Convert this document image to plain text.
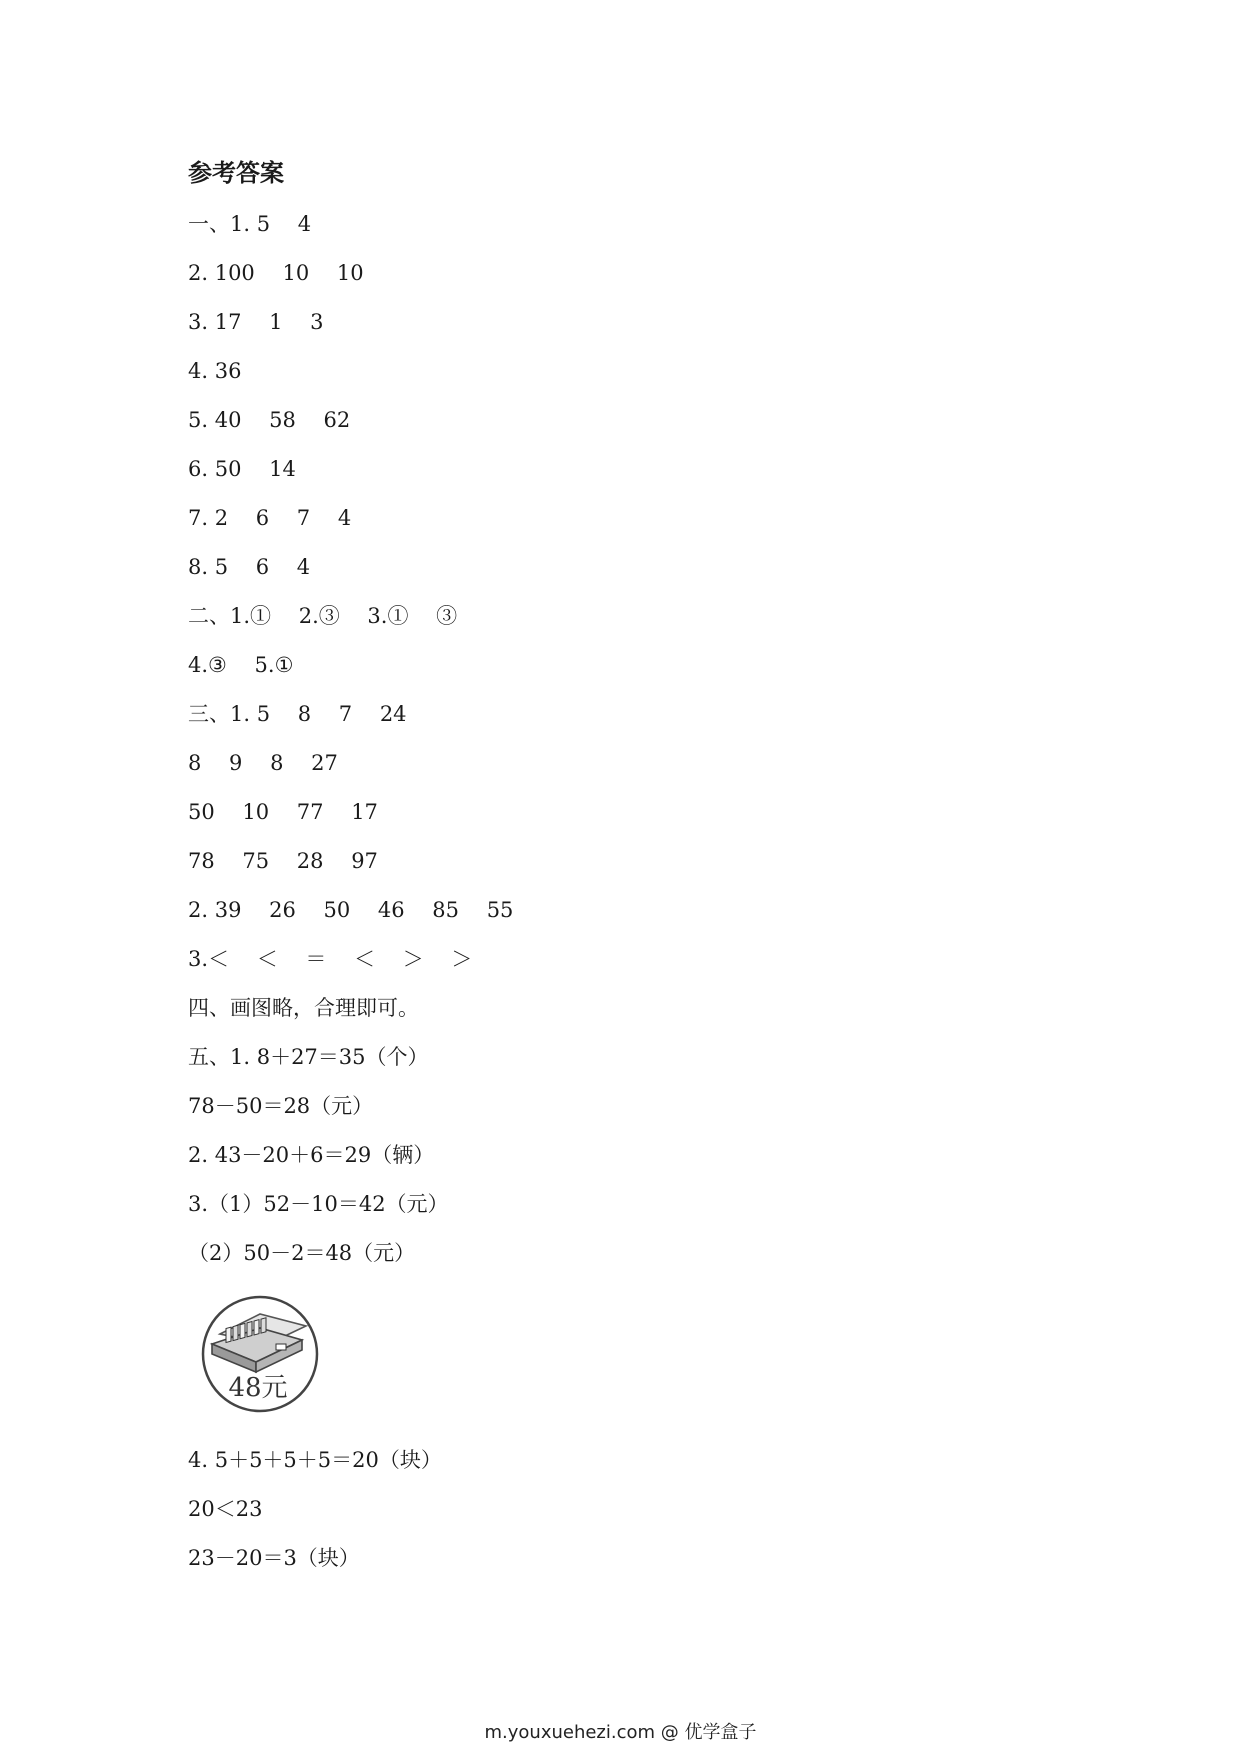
参考答案
一、1. 5　 4
2. 100　 10　 10
3. 17　 1　 3
4. 36
5. 40　 58　 62
6. 50　 14
7. 2　 6　 7　 4
8. 5　 6　 4
二、1.①　 2.③　 3.①　 ③
4.③　 5.①
三、1. 5　 8　 7　 24
8　 9　 8　 27
50　 10　 77　 17
78　 75　 28　 97
2. 39　 26　 50　 46　 85　 55
3.＜　 ＜　 ＝　 ＜　 ＞　 ＞
四、画图略，合理即可。
五、1. 8＋27＝35（个）
78－50＝28（元）
2. 43－20＋6＝29（辆）
3.（1）52－10＝42（元）
（2）50－2＝48（元）
48元
4. 5＋5＋5＋5＝20（块）
20＜23
23－20＝3（块）
m.youxuehezi.com @ 优学盒子
